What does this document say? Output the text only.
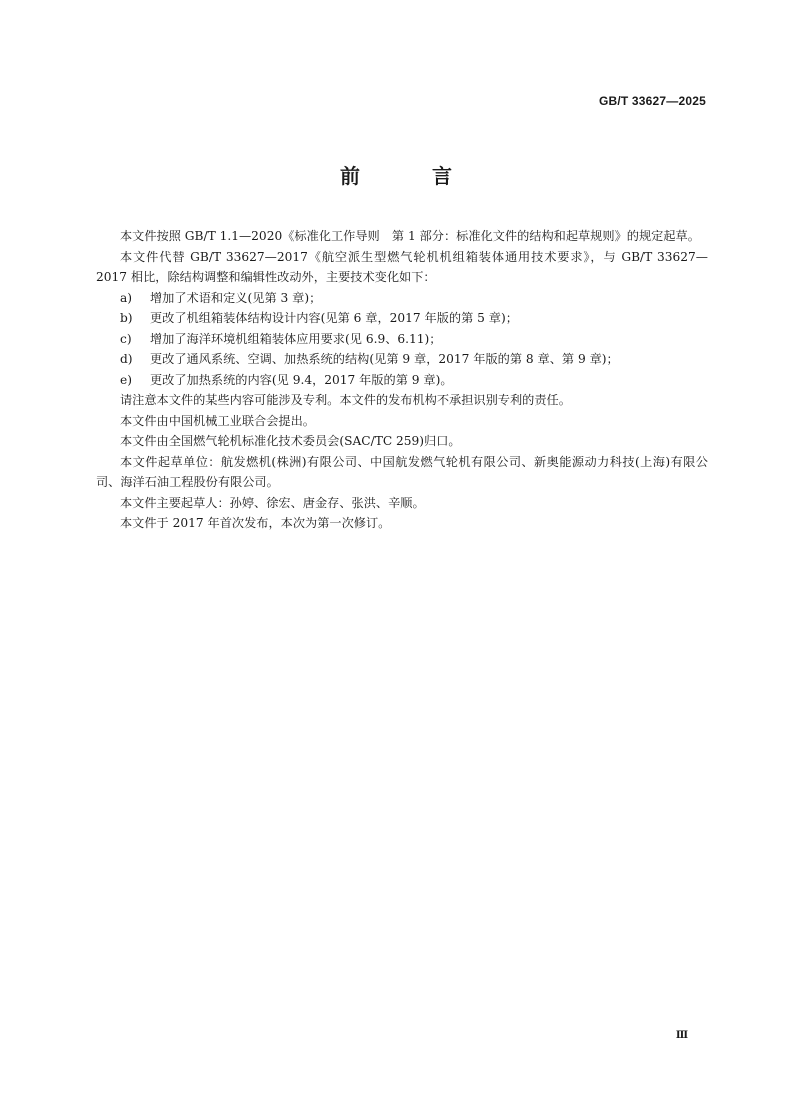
GB/T 33627—2025
前　言

本文件按照 GB/T 1.1—2020《标准化工作导则　第 1 部分：标准化文件的结构和起草规则》的规定起草。

本文件代替 GB/T 33627—2017《航空派生型燃气轮机机组箱装体通用技术要求》，与 GB/T 33627—2017 相比，除结构调整和编辑性改动外，主要技术变化如下：

a)	增加了术语和定义(见第 3 章)；
b)	更改了机组箱装体结构设计内容(见第 6 章，2017 年版的第 5 章)；
c)	增加了海洋环境机组箱装体应用要求(见 6.9、6.11)；
d)	更改了通风系统、空调、加热系统的结构(见第 9 章，2017 年版的第 8 章、第 9 章)；
e)	更改了加热系统的内容(见 9.4，2017 年版的第 9 章)。

请注意本文件的某些内容可能涉及专利。本文件的发布机构不承担识别专利的责任。

本文件由中国机械工业联合会提出。

本文件由全国燃气轮机标准化技术委员会(SAC/TC 259)归口。

本文件起草单位：航发燃机(株洲)有限公司、中国航发燃气轮机有限公司、新奥能源动力科技(上海)有限公司、海洋石油工程股份有限公司。

本文件主要起草人：孙婷、徐宏、唐金存、张洪、辛顺。

本文件于 2017 年首次发布，本次为第一次修订。

Ⅲ
